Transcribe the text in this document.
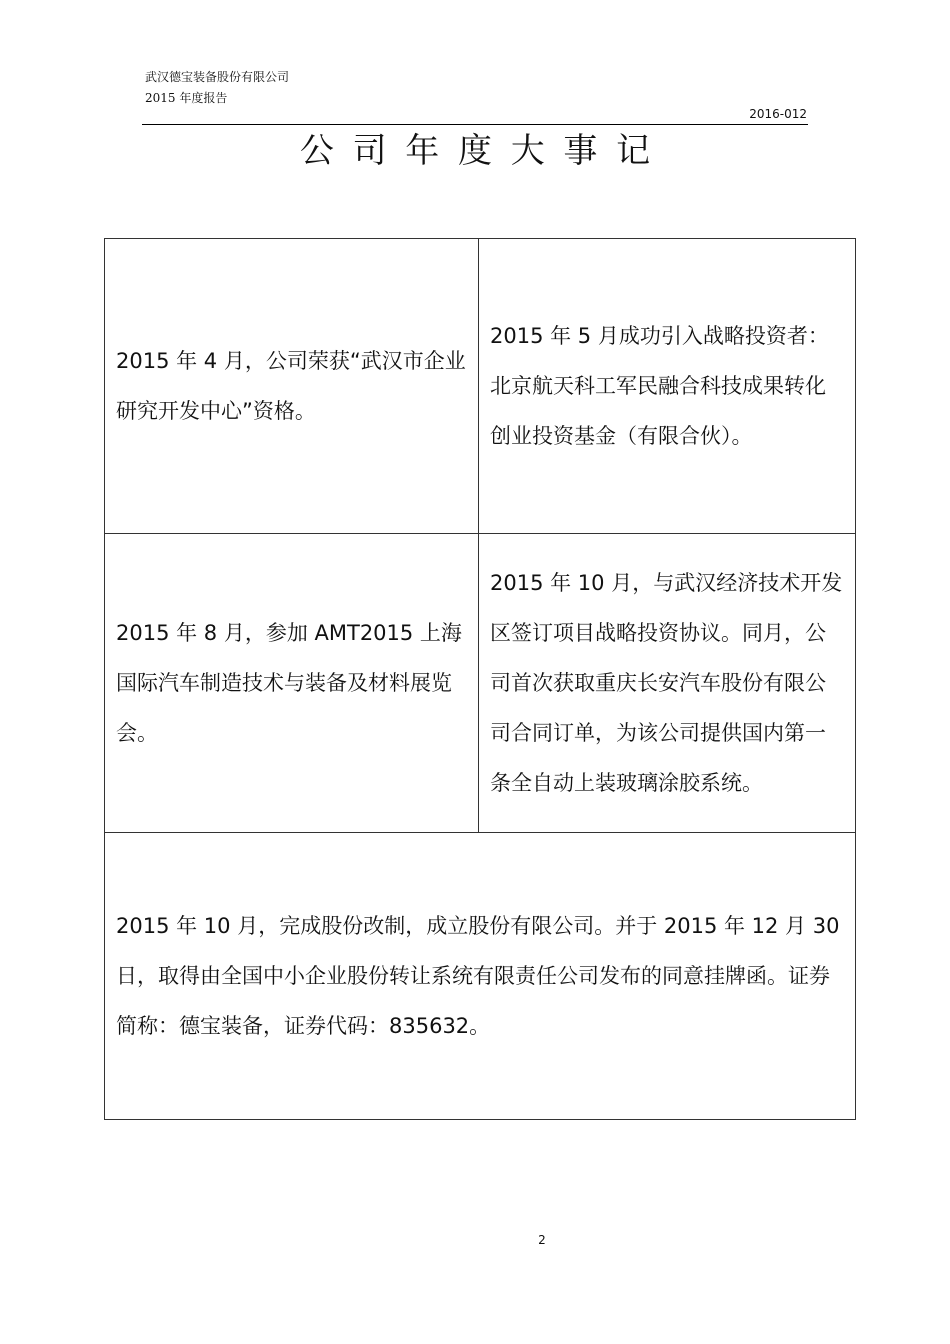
武汉德宝装备股份有限公司
2015 年度报告
2016-012
公司年度大事记
2015 年 4 月，公司荣获“武汉市企业研究开发中心”资格。	2015 年 5 月成功引入战略投资者：北京航天科工军民融合科技成果转化创业投资基金（有限合伙）。
2015 年 8 月，参加 AMT2015 上海国际汽车制造技术与装备及材料展览会。	2015 年 10 月，与武汉经济技术开发区签订项目战略投资协议。同月，公司首次获取重庆长安汽车股份有限公司合同订单，为该公司提供国内第一条全自动上装玻璃涂胶系统。
2015 年 10 月，完成股份改制，成立股份有限公司。并于 2015 年 12 月 30 日，取得由全国中小企业股份转让系统有限责任公司发布的同意挂牌函。证券简称：德宝装备，证券代码：835632。	
2
